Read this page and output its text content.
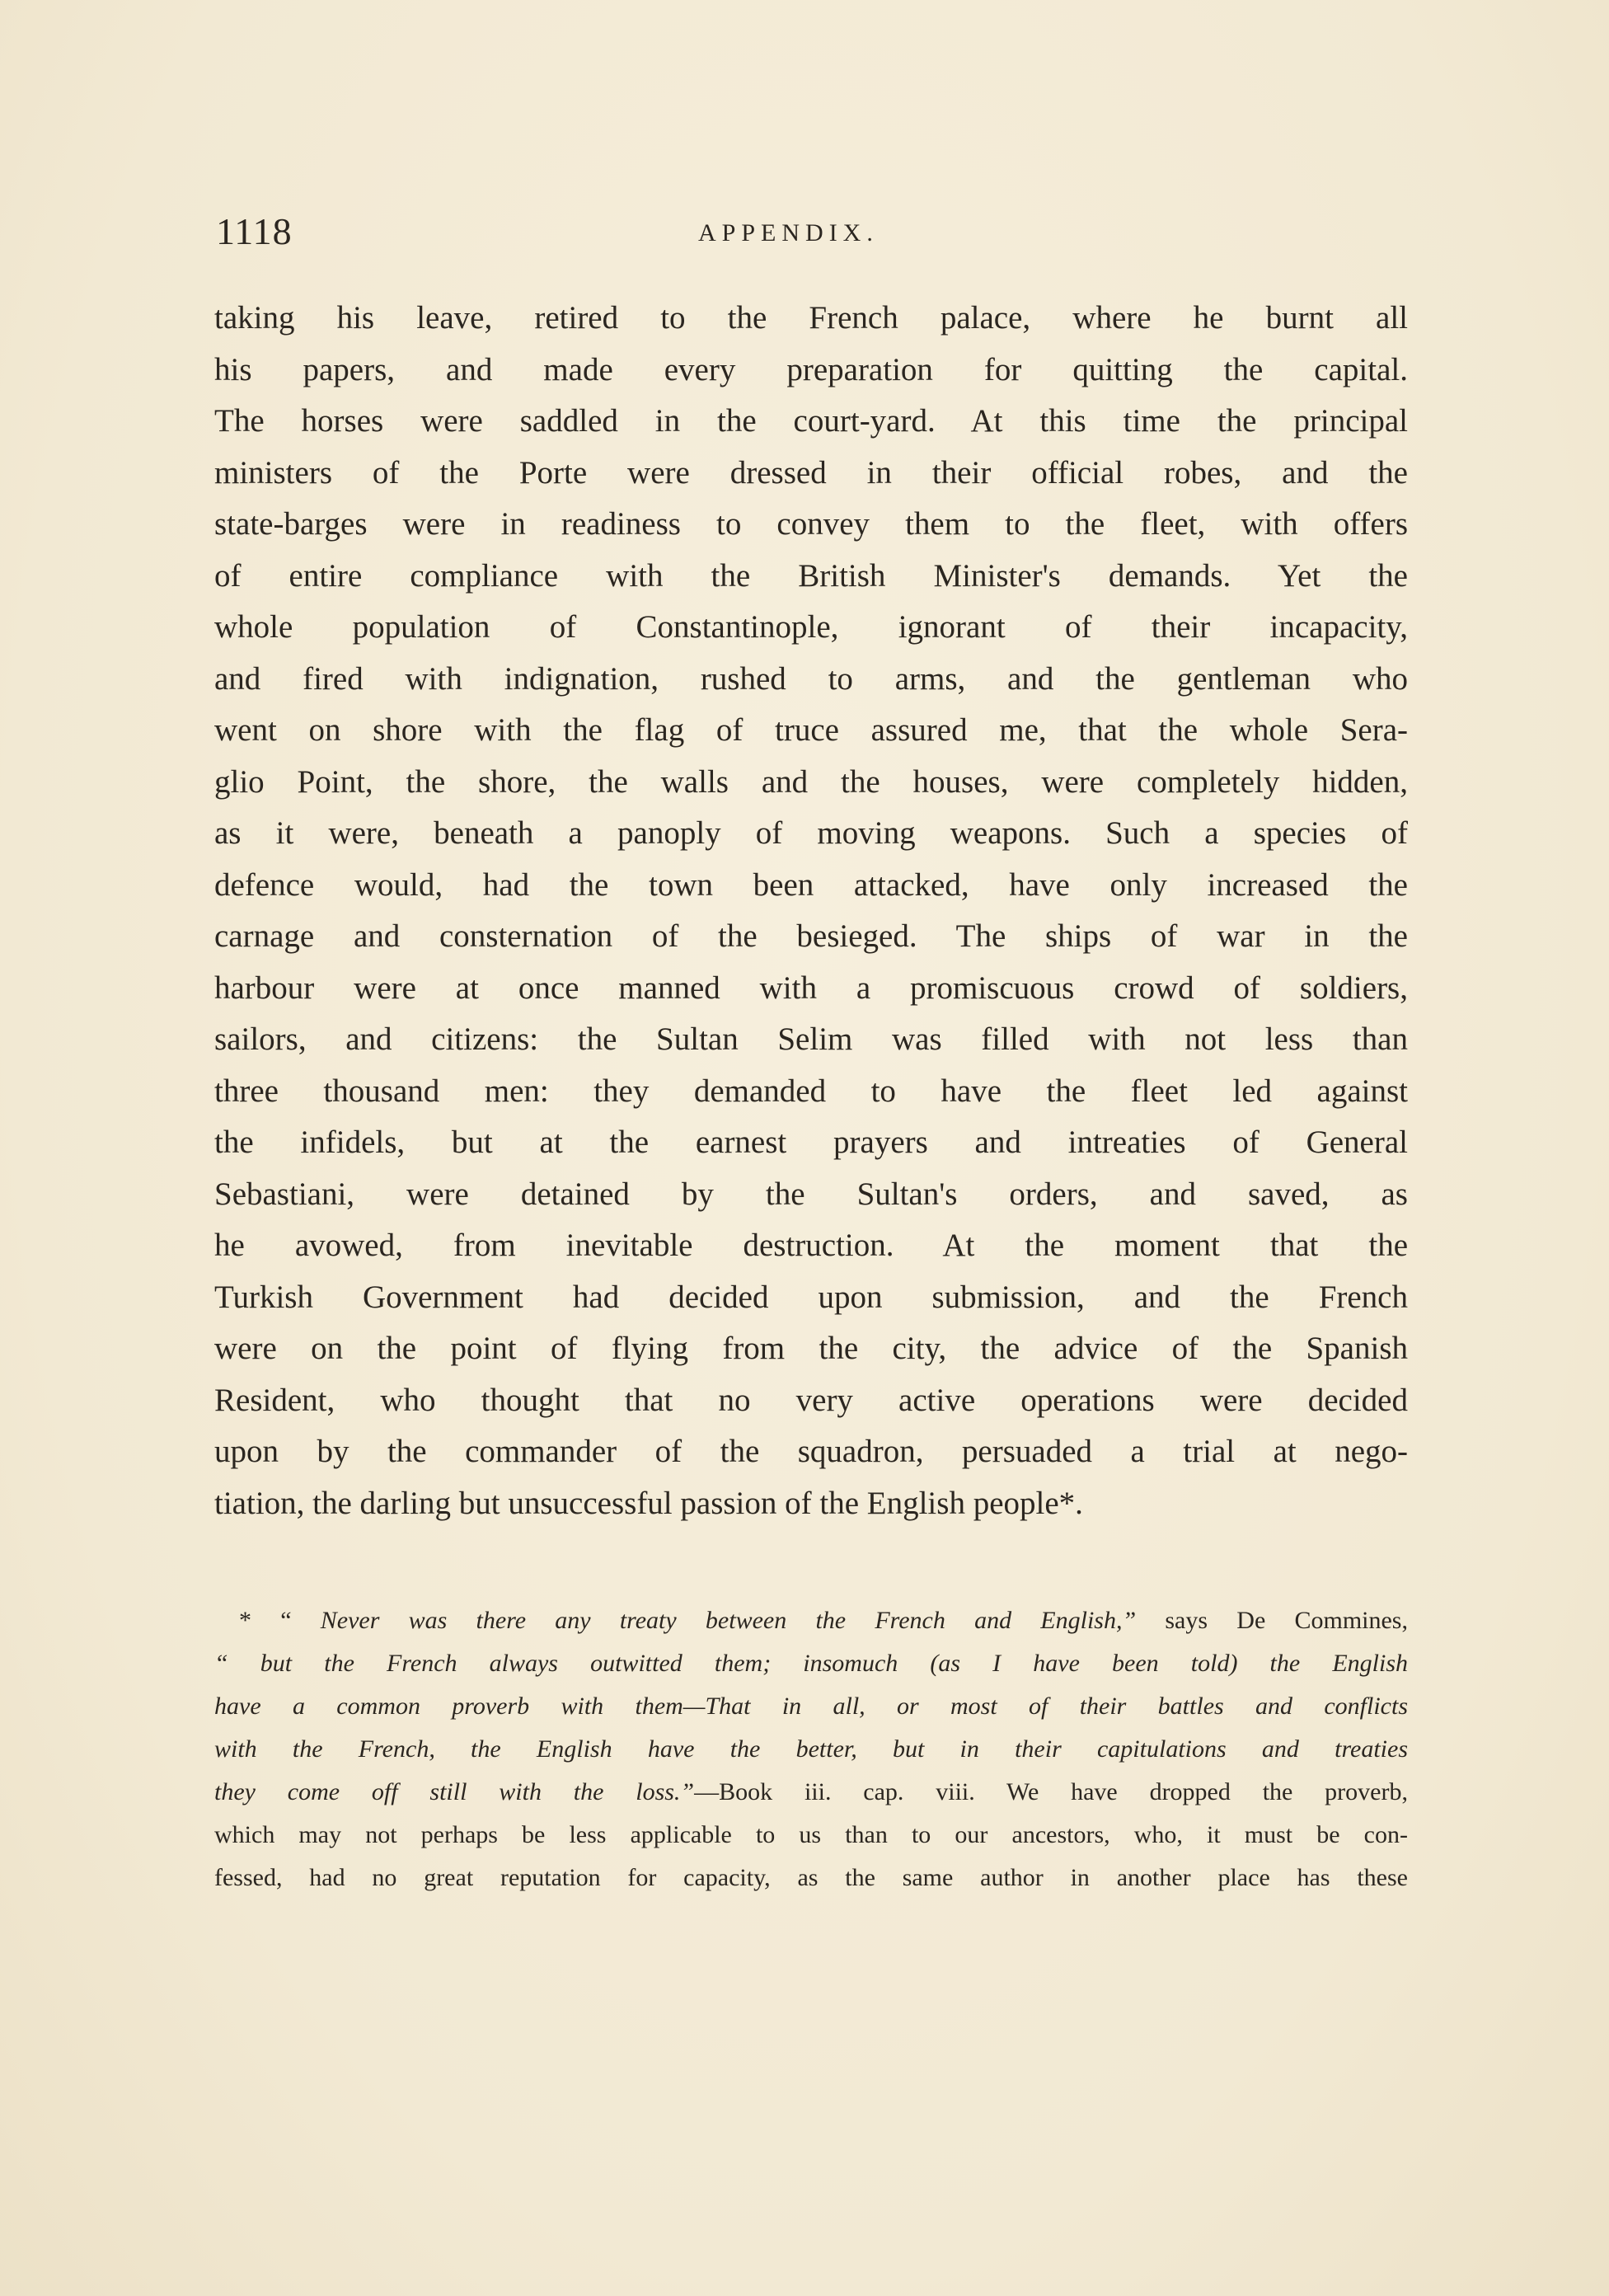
1118	APPENDIX.
taking his leave, retired to the French palace, where he burnt all
his papers, and made every preparation for quitting the capital.
The horses were saddled in the court-yard. At this time the principal
ministers of the Porte were dressed in their official robes, and the
state-barges were in readiness to convey them to the fleet, with offers
of entire compliance with the British Minister's demands. Yet the
whole population of Constantinople, ignorant of their incapacity,
and fired with indignation, rushed to arms, and the gentleman who
went on shore with the flag of truce assured me, that the whole Sera-
glio Point, the shore, the walls and the houses, were completely hidden,
as it were, beneath a panoply of moving weapons. Such a species of
defence would, had the town been attacked, have only increased the
carnage and consternation of the besieged. The ships of war in the
harbour were at once manned with a promiscuous crowd of soldiers,
sailors, and citizens: the Sultan Selim was filled with not less than
three thousand men: they demanded to have the fleet led against
the infidels, but at the earnest prayers and intreaties of General
Sebastiani, were detained by the Sultan's orders, and saved, as
he avowed, from inevitable destruction. At the moment that the
Turkish Government had decided upon submission, and the French
were on the point of flying from the city, the advice of the Spanish
Resident, who thought that no very active operations were decided
upon by the commander of the squadron, persuaded a trial at nego-
tiation, the darling but unsuccessful passion of the English people*.
* “ Never was there any treaty between the French and English,” says De Commines,
“ but the French always outwitted them; insomuch (as I have been told) the English
have a common proverb with them—That in all, or most of their battles and conflicts
with the French, the English have the better, but in their capitulations and treaties
they come off still with the loss.”—Book iii. cap. viii. We have dropped the proverb,
which may not perhaps be less applicable to us than to our ancestors, who, it must be con-
fessed, had no great reputation for capacity, as the same author in another place has these
